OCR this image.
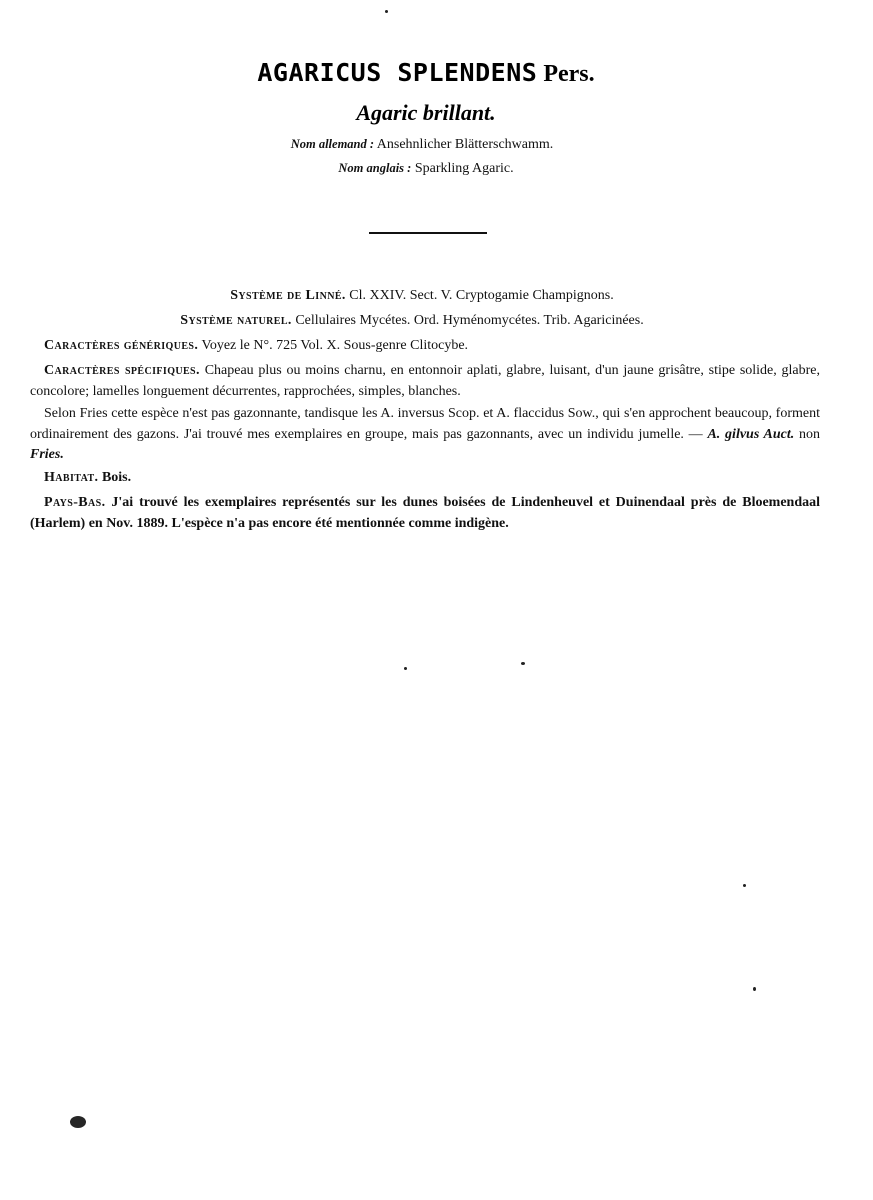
AGARICUS SPLENDENS Pers.
Agaric brillant.
Nom allemand : Ansehnlicher Blätterschwamm.
Nom anglais : Sparkling Agaric.
Système de Linné. Cl. XXIV. Sect. V. Cryptogamie Champignons.
Système naturel. Cellulaires Mycétes. Ord. Hyménomycétes. Trib. Agaricinées.
Caractères génériques. Voyez le N°. 725 Vol. X. Sous-genre Clitocybe.
Caractères spécifiques. Chapeau plus ou moins charnu, en entonnoir aplati, glabre, luisant, d'un jaune grisâtre, stipe solide, glabre, concolore; lamelles longuement décurrentes, rapprochées, simples, blanches.
Selon Fries cette espèce n'est pas gazonnante, tandisque les A. inversus Scop. et A. flaccidus Sow., qui s'en approchent beaucoup, forment ordinairement des gazons. J'ai trouvé mes exemplaires en groupe, mais pas gazonnants, avec un individu jumelle. — A. gilvus Auct. non Fries.
Habitat. Bois.
Pays-Bas. J'ai trouvé les exemplaires représentés sur les dunes boisées de Lindenheuvel et Duinendaal près de Bloemendaal (Harlem) en Nov. 1889. L'espèce n'a pas encore été mentionnée comme indigène.
